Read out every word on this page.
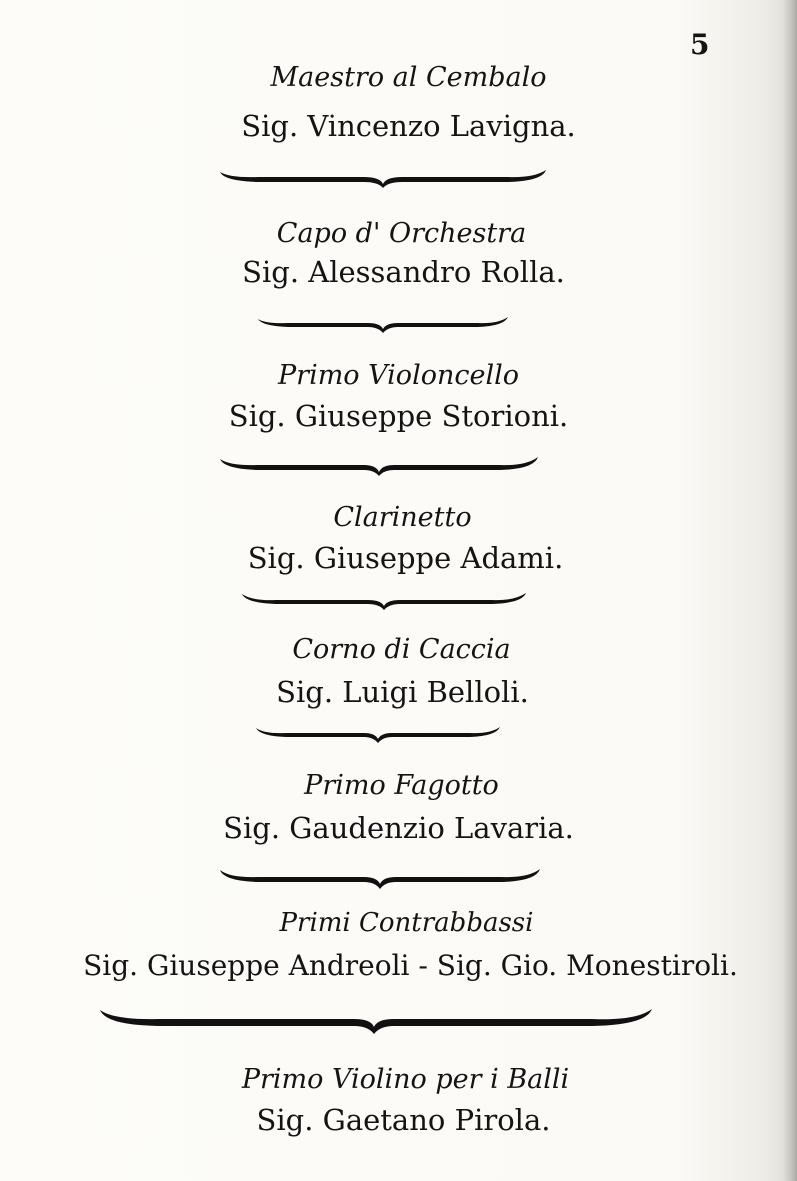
5
Maestro al Cembalo
Sig. Vincenzo Lavigna.
Capo d' Orchestra
Sig. Alessandro Rolla.
Primo Violoncello
Sig. Giuseppe Storioni.
Clarinetto
Sig. Giuseppe Adami.
Corno di Caccia
Sig. Luigi Belloli.
Primo Fagotto
Sig. Gaudenzio Lavaria.
Primi Contrabbassi
Sig. Giuseppe Andreoli - Sig. Gio. Monestiroli.
Primo Violino per i Balli
Sig. Gaetano Pirola.
